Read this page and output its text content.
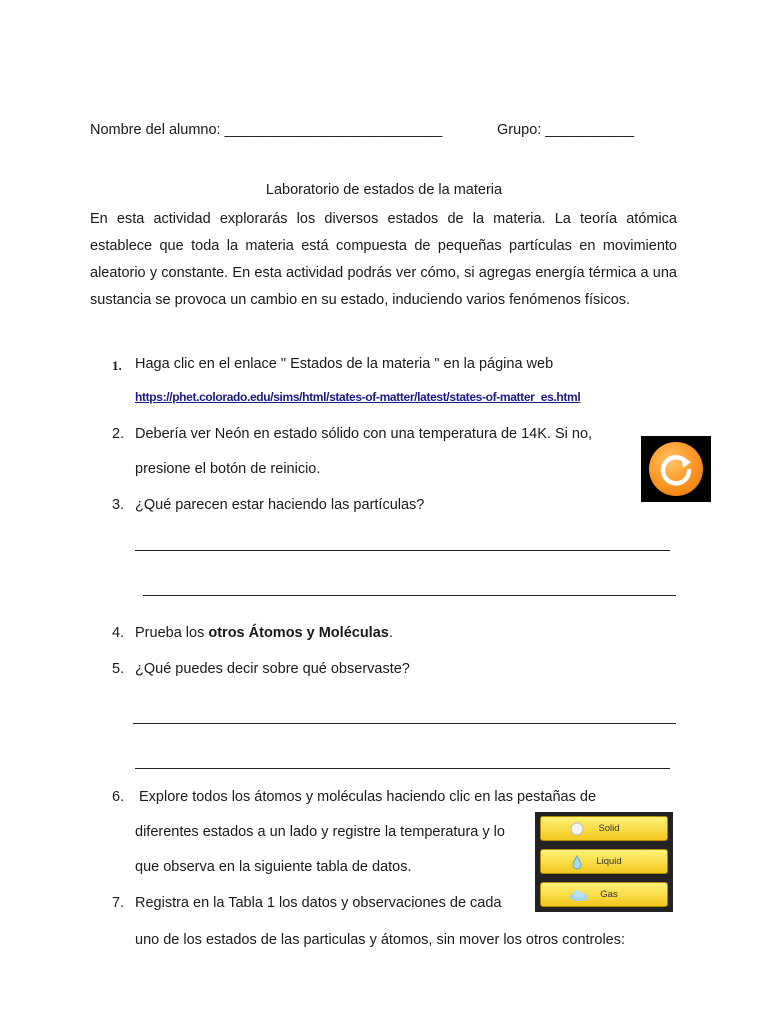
Nombre del alumno: ___________________________	Grupo: ___________
Laboratorio de estados de la materia

En esta actividad explorarás los diversos estados de la materia. La teoría atómica establece que toda la materia está compuesta de pequeñas partículas en movimiento aleatorio y constante. En esta actividad podrás ver cómo, si agregas energía térmica a una sustancia se provoca un cambio en su estado, induciendo varios fenómenos físicos.

1. Haga clic en el enlace " Estados de la materia " en la página web
https://phet.colorado.edu/sims/html/states-of-matter/latest/states-of-matter_es.html
2. Debería ver Neón en estado sólido con una temperatura de 14K. Si no,
presione el botón de reinicio.
3. ¿Qué parecen estar haciendo las partículas?
4. Prueba los otros Átomos y Moléculas.
5. ¿Qué puedes decir sobre qué observaste?
6. Explore todos los átomos y moléculas haciendo clic en las pestañas de
diferentes estados a un lado y registre la temperatura y lo
que observa en la siguiente tabla de datos.
Solid
Liquid
Gas
7. Registra en la Tabla 1 los datos y observaciones de cada
uno de los estados de las particulas y átomos, sin mover los otros controles:
